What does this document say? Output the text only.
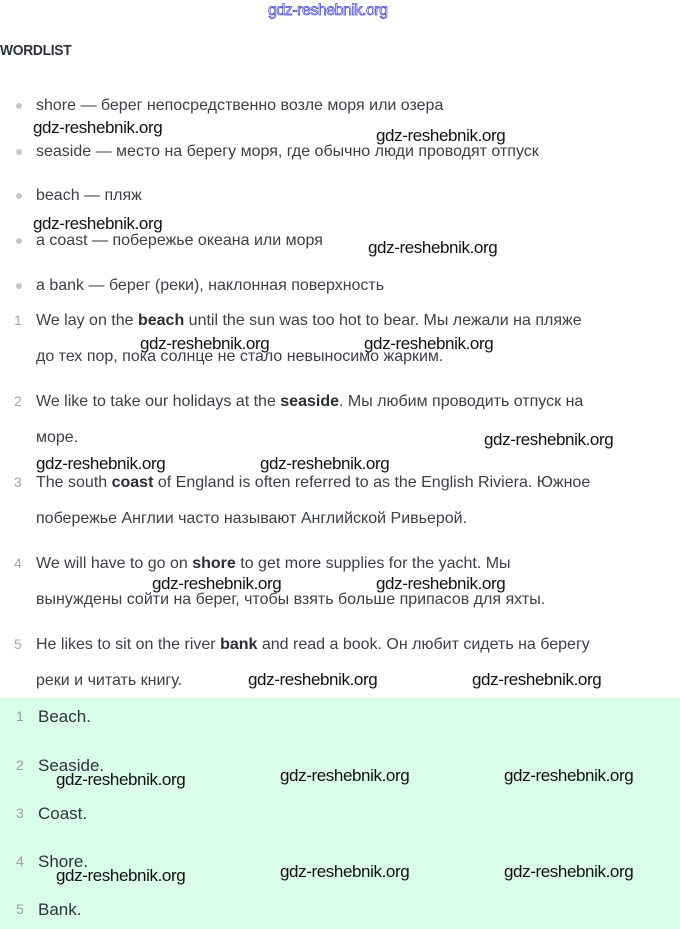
gdz-reshebnik.org
WORDLIST
shore — берег непосредственно возле моря или озера
seaside — место на берегу моря, где обычно люди проводят отпуск
beach — пляж
a coast — побережье океана или моря
a bank — берег (реки), наклонная поверхность
1 We lay on the beach until the sun was too hot to bear. Мы лежали на пляже
до тех пор, пока солнце не стало невыносимо жарким.
2 We like to take our holidays at the seaside. Мы любим проводить отпуск на
море.
3 The south coast of England is often referred to as the English Riviera. Южное
побережье Англии часто называют Английской Ривьерой.
4 We will have to go on shore to get more supplies for the yacht. Мы
вынуждены сойти на берег, чтобы взять больше припасов для яхты.
5 He likes to sit on the river bank and read a book. Он любит сидеть на берегу
реки и читать книгу.
1 Beach.
2 Seaside.
3 Coast.
4 Shore.
5 Bank.
gdz-reshebnik.org	gdz-reshebnik.org
gdz-reshebnik.org
gdz-reshebnik.org
gdz-reshebnik.org	gdz-reshebnik.org
gdz-reshebnik.org
gdz-reshebnik.org	gdz-reshebnik.org
gdz-reshebnik.org	gdz-reshebnik.org
gdz-reshebnik.org	gdz-reshebnik.org
gdz-reshebnik.org	gdz-reshebnik.org	gdz-reshebnik.org
gdz-reshebnik.org	gdz-reshebnik.org	gdz-reshebnik.org
